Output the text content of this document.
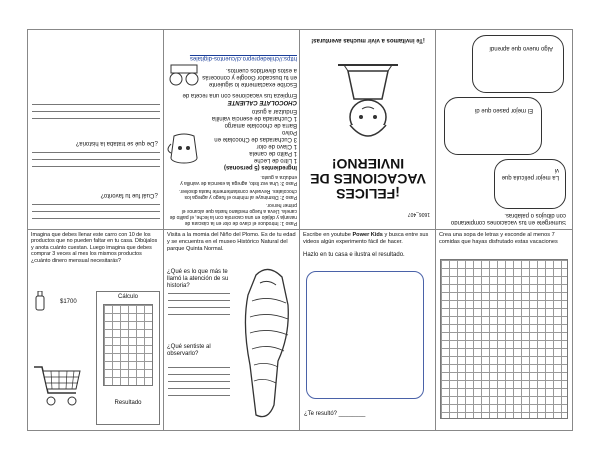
¿Cuál fue tu favorito?
¿De qué se trataba la historia?
Paso 1: Introduce el clavo de olor en la cáscara de naranja y déjalo en una cacerola con la leche, el palito de canela. Lleva a fuego mediano hasta que alcance el primer hervor.
Paso 2: Disminuye al mínimo el fuego y agrega los chocolates. Revuelve constantemente hasta disolver.
Paso 3: Una vez listo, agrega la esencia de vainilla y endulza a gusto.
Ingredientes (5 personas)
1 Litro de Leche
1 Palito de canela
1 Clavo de olor
3 Cucharadas de Chocolate en Polvo
Barra de chocolate amargo
1 Cucharada de esencia vainilla
Endulzar a gusto
CHOCOLATE CALIENTE
Empieza tus vacaciones con una receta de
Escribe exactamente lo siguiente en tu buscador Google y conocerás a estos divertidos cuentos.
https://chiledeprepro.cl/cuentos-digitales
1606_407
¡FELICES VACACIONES DE INVIERNO!
¡Te invitamos a vivir muchas aventuras!
Sumérgete en tus vacaciones completando con dibujos o palabras.
La mejor película que vi
El mejor paseo que di
Algo nuevo que aprendí
Imagina que debes llenar este carro con 10 de los productos que no pueden faltar en tu casa. Dibújalos y anota cuánto cuestan. Luego imagina que debes comprar 3 veces al mes los mismos productos ¿cuánto dinero mensual necesitarás?
$1700
Cálculo
Resultado
Visita a la momia del Niño del Plomo. Es de tu edad y se encuentra en el museo Histórico Natural del parque Quinta Normal.
¿Qué es lo que más te llamó la atención de su historia?
¿Qué sentiste al observarlo?
Escribe en youtube Power Kids y busca entre sus videos algún experimento fácil de hacer.
Hazlo en tu casa e ilustra el resultado.
¿Te resultó? ________
Crea una sopa de letras y esconde al menos 7 comidas que hayas disfrutado estas vacaciones
